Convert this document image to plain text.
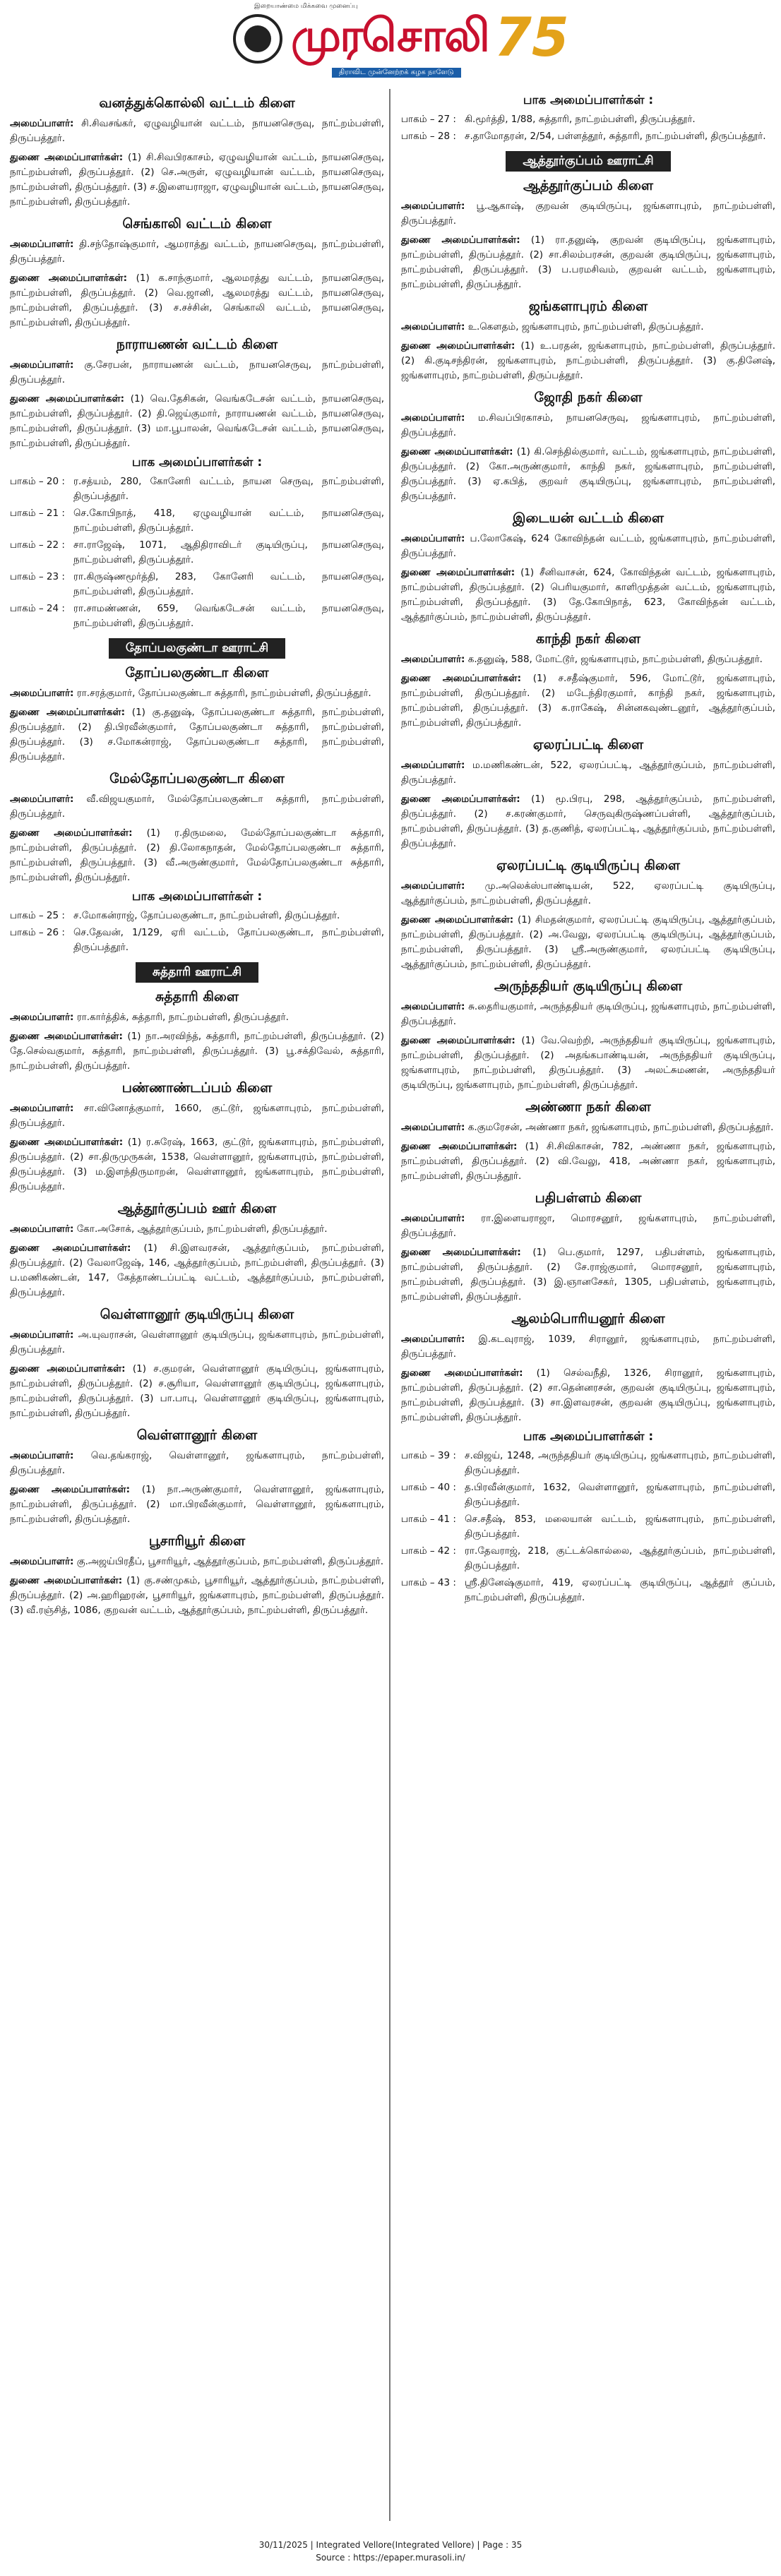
இறையாண்மை மிக்கவை முனைப்பு
முரசொலி
திராவிட முன்னேற்றக் கழக நாளேடு
75
வனத்துக்கொல்லி வட்டம் கிளை
அமைப்பாளர்: சி.சிவசங்கர், ஏழுவழியான் வட்டம், நாயனசெருவு, நாட்றம்பள்ளி, திருப்பத்தூர்.
துணை அமைப்பாளர்கள்: (1) சி.சிவபிரகாசம், ஏழுவழியான் வட்டம், நாயனசெருவு, நாட்றம்பள்ளி, திருப்பத்தூர். (2) செ.அருள், ஏழுவழியான் வட்டம், நாயனசெருவு, நாட்றம்பள்ளி, திருப்பத்தூர். (3) ச.இளையராஜா, ஏழுவழியான் வட்டம், நாயனசெருவு, நாட்றம்பள்ளி, திருப்பத்தூர்.
செங்காலி வட்டம் கிளை
அமைப்பாளர்: தி.சந்தோஷ்குமார், ஆமராத்து வட்டம், நாயனசெருவு, நாட்றம்பள்ளி, திருப்பத்தூர்.
துணை அமைப்பாளர்கள்: (1) க.சாந்குமார், ஆலமரத்து வட்டம், நாயனசெருவு, நாட்றம்பள்ளி, திருப்பத்தூர். (2) வெ.ஜானி, ஆலமரத்து வட்டம், நாயனசெருவு, நாட்றம்பள்ளி, திருப்பத்தூர். (3) ச.சச்சின், செங்காலி வட்டம், நாயனசெருவு, நாட்றம்பள்ளி, திருப்பத்தூர்.
நாராயணன் வட்டம் கிளை
அமைப்பாளர்: கு.சேரபன், நாராயணன் வட்டம், நாயனசெருவு, நாட்றம்பள்ளி, திருப்பத்தூர்.
துணை அமைப்பாளர்கள்: (1) வெ.தேசிகன், வெங்கடேசன் வட்டம், நாயனசெருவு, நாட்றம்பள்ளி, திருப்பத்தூர். (2) தி.ஜெய்குமார், நாராயணன் வட்டம், நாயனசெருவு, நாட்றம்பள்ளி, திருப்பத்தூர். (3) மா.பூபாலன், வெங்கடேசன் வட்டம், நாயனசெருவு, நாட்றம்பள்ளி, திருப்பத்தூர்.
பாக அமைப்பாளர்கள் :
பாகம் – 20 : ர.சத்யம், 280, கோனேரி வட்டம், நாயன செருவு, நாட்றம்பள்ளி, திருப்பத்தூர்.
பாகம் – 21 : செ.கோபிநாத், 418, ஏழுவழியான் வட்டம், நாயனசெருவு, நாட்றம்பள்ளி, திருப்பத்தூர்.
பாகம் – 22 : சா.ராஜேஷ், 1071, ஆதிதிராவிடர் குடியிருப்பு, நாயனசெருவு, நாட்றம்பள்ளி, திருப்பத்தூர்.
பாகம் – 23 : ரா.கிருஷ்ணமூர்த்தி, 283, கோனேரி வட்டம், நாயனசெருவு, நாட்றம்பள்ளி, திருப்பத்தூர்.
பாகம் – 24 : ரா.சாமண்ணன், 659, வெங்கடேசன் வட்டம், நாயனசெருவு, நாட்றம்பள்ளி, திருப்பத்தூர்.
தோப்பலகுண்டா ஊராட்சி
தோப்பலகுண்டா கிளை
அமைப்பாளர்: ரா.சரத்குமார், தோப்பலகுண்டா சுத்தாரி, நாட்றம்பள்ளி, திருப்பத்தூர்.
துணை அமைப்பாளர்கள்: (1) கு.தனுஷ், தோப்பலகுண்டா சுத்தாரி, நாட்றம்பள்ளி, திருப்பத்தூர். (2) தி.பிரவீன்குமார், தோப்பலகுண்டா சுத்தாரி, நாட்றம்பள்ளி, திருப்பத்தூர். (3) ச.மோகன்ராஜ், தோப்பலகுண்டா சுத்தாரி, நாட்றம்பள்ளி, திருப்பத்தூர்.
மேல்தோப்பலகுண்டா கிளை
அமைப்பாளர்: வீ.விஜயகுமார், மேல்தோப்பலகுண்டா சுத்தாரி, நாட்றம்பள்ளி, திருப்பத்தூர்.
துணை அமைப்பாளர்கள்: (1) ர.திருமலை, மேல்தோப்பலகுண்டா சுத்தாரி, நாட்றம்பள்ளி, திருப்பத்தூர். (2) தி.லோகநாதன், மேல்தோப்பலகுண்டா சுத்தாரி, நாட்றம்பள்ளி, திருப்பத்தூர். (3) வீ.அருண்குமார், மேல்தோப்பலகுண்டா சுத்தாரி, நாட்றம்பள்ளி, திருப்பத்தூர்.
பாக அமைப்பாளர்கள் :
பாகம் – 25 : ச.மோகன்ராஜ், தோப்பலகுண்டா, நாட்றம்பள்ளி, திருப்பத்தூர்.
பாகம் – 26 : செ.தேவன், 1/129, ஏரி வட்டம், தோப்பலகுண்டா, நாட்றம்பள்ளி, திருப்பத்தூர்.
சுத்தாரி ஊராட்சி
சுத்தாரி கிளை
அமைப்பாளர்: ரா.கார்த்திக், சுத்தாரி, நாட்றம்பள்ளி, திருப்பத்தூர்.
துணை அமைப்பாளர்கள்: (1) நா.அரவிந்த், சுத்தாரி, நாட்றம்பள்ளி, திருப்பத்தூர். (2) தே.செல்வகுமார், சுத்தாரி, நாட்றம்பள்ளி, திருப்பத்தூர். (3) பூ.சக்திவேல், சுத்தாரி, நாட்றம்பள்ளி, திருப்பத்தூர்.
பண்ணாண்டப்பம் கிளை
அமைப்பாளர்: சா.வினோத்குமார், 1660, குட்டூர், ஜங்களாபுரம், நாட்றம்பள்ளி, திருப்பத்தூர்.
துணை அமைப்பாளர்கள்: (1) ர.சுரேஷ், 1663, குட்டூர், ஜங்களாபுரம், நாட்றம்பள்ளி, திருப்பத்தூர். (2) சா.திருமுருகன், 1538, வெள்ளானூர், ஜங்களாபுரம், நாட்றம்பள்ளி, திருப்பத்தூர். (3) ம.இளந்திருமாறன், வெள்ளானூர், ஜங்களாபுரம், நாட்றம்பள்ளி, திருப்பத்தூர்.
ஆத்தூர்குப்பம் ஊர் கிளை
அமைப்பாளர்: கோ.அசோக், ஆத்தூர்குப்பம், நாட்றம்பள்ளி, திருப்பத்தூர்.
துணை அமைப்பாளர்கள்: (1) சி.இளவரசன், ஆத்தூர்குப்பம், நாட்றம்பள்ளி, திருப்பத்தூர். (2) வேலாஜேஷ், 146, ஆத்தூர்குப்பம், நாட்றம்பள்ளி, திருப்பத்தூர். (3) ப.மணிகண்டன், 147, கேத்தாண்டப்பட்டி வட்டம், ஆத்தூர்குப்பம், நாட்றம்பள்ளி, திருப்பத்தூர்.
வெள்ளானூர் குடியிருப்பு கிளை
அமைப்பாளர்: அ.யுவராசன், வெள்ளானூர் குடியிருப்பு, ஜங்களாபுரம், நாட்றம்பள்ளி, திருப்பத்தூர்.
துணை அமைப்பாளர்கள்: (1) ச.குமரன், வெள்ளானூர் குடியிருப்பு, ஜங்களாபுரம், நாட்றம்பள்ளி, திருப்பத்தூர். (2) ச.சூரியா, வெள்ளானூர் குடியிருப்பு, ஜங்களாபுரம், நாட்றம்பள்ளி, திருப்பத்தூர். (3) பா.பாபு, வெள்ளானூர் குடியிருப்பு, ஜங்களாபுரம், நாட்றம்பள்ளி, திருப்பத்தூர்.
வெள்ளானூர் கிளை
அமைப்பாளர்: வெ.தங்கராஜ், வெள்ளானூர், ஜங்களாபுரம், நாட்றம்பள்ளி, திருப்பத்தூர்.
துணை அமைப்பாளர்கள்: (1) நா.அருண்குமார், வெள்ளானூர், ஜங்களாபுரம், நாட்றம்பள்ளி, திருப்பத்தூர். (2) மா.பிரவீன்குமார், வெள்ளானூர், ஜங்களாபுரம், நாட்றம்பள்ளி, திருப்பத்தூர்.
பூசாரியூர் கிளை
அமைப்பாளர்: கு.அஜய்பிரதீப், பூசாரியூர், ஆத்தூர்குப்பம், நாட்றம்பள்ளி, திருப்பத்தூர்.
துணை அமைப்பாளர்கள்: (1) கு.சண்முகம், பூசாரியூர், ஆத்தூர்குப்பம், நாட்றம்பள்ளி, திருப்பத்தூர். (2) அ.ஹரிஹரன், பூசாரியூர், ஜங்களாபுரம், நாட்றம்பள்ளி, திருப்பத்தூர். (3) வீ.ரஞ்சித், 1086, குறவன் வட்டம், ஆத்தூர்குப்பம், நாட்றம்பள்ளி, திருப்பத்தூர்.
பாக அமைப்பாளர்கள் :
பாகம் – 27 : கி.மூர்த்தி, 1/88, சுத்தாரி, நாட்றம்பள்ளி, திருப்பத்தூர்.
பாகம் – 28 : ச.தாமோதரன், 2/54, பள்ளத்தூர், சுத்தாரி, நாட்றம்பள்ளி, திருப்பத்தூர்.
ஆத்தூர்குப்பம் ஊராட்சி
ஆத்தூர்குப்பம் கிளை
அமைப்பாளர்: பூ.ஆகாஷ், குறவன் குடியிருப்பு, ஜங்களாபுரம், நாட்றம்பள்ளி, திருப்பத்தூர்.
துணை அமைப்பாளர்கள்: (1) ரா.தனுஷ், குறவன் குடியிருப்பு, ஜங்களாபுரம், நாட்றம்பள்ளி, திருப்பத்தூர். (2) சா.சிலம்பரசன், குறவன் குடியிருப்பு, ஜங்களாபுரம், நாட்றம்பள்ளி, திருப்பத்தூர். (3) ப.பரமசிவம், குறவன் வட்டம், ஜங்களாபுரம், நாட்றம்பள்ளி, திருப்பத்தூர்.
ஜங்களாபுரம் கிளை
அமைப்பாளர்: உ.கௌதம், ஜங்களாபுரம், நாட்றம்பள்ளி, திருப்பத்தூர்.
துணை அமைப்பாளர்கள்: (1) உ.பரதன், ஜங்களாபுரம், நாட்றம்பள்ளி, திருப்பத்தூர். (2) கி.குடிசந்திரன், ஜங்களாபுரம், நாட்றம்பள்ளி, திருப்பத்தூர். (3) கு.தினேஷ், ஜங்களாபுரம், நாட்றம்பள்ளி, திருப்பத்தூர்.
ஜோதி நகர் கிளை
அமைப்பாளர்: ம.சிவப்பிரகாசம், நாயனசெருவு, ஜங்களாபுரம், நாட்றம்பள்ளி, திருப்பத்தூர்.
துணை அமைப்பாளர்கள்: (1) கி.செந்தில்குமார், வட்டம், ஜங்களாபுரம், நாட்றம்பள்ளி, திருப்பத்தூர். (2) கோ.அருண்குமார், காந்தி நகர், ஜங்களாபுரம், நாட்றம்பள்ளி, திருப்பத்தூர். (3) ஏ.கபித், குறவர் குடியிருப்பு, ஜங்களாபுரம், நாட்றம்பள்ளி, திருப்பத்தூர்.
இடையன் வட்டம் கிளை
அமைப்பாளர்: ப.லோகேஷ், 624 கோவிந்தன் வட்டம், ஜங்களாபுரம், நாட்றம்பள்ளி, திருப்பத்தூர்.
துணை அமைப்பாளர்கள்: (1) சீனிவாசன், 624, கோவிந்தன் வட்டம், ஜங்களாபுரம், நாட்றம்பள்ளி, திருப்பத்தூர். (2) பெரியகுமார், காளிமுத்தன் வட்டம், ஜங்களாபுரம், நாட்றம்பள்ளி, திருப்பத்தூர். (3) தே.கோபிநாத், 623, கோவிந்தன் வட்டம், ஆத்தூர்குப்பம், நாட்றம்பள்ளி, திருப்பத்தூர்.
காந்தி நகர் கிளை
அமைப்பாளர்: க.தனுஷ், 588, மோட்டூர், ஜங்களாபுரம், நாட்றம்பள்ளி, திருப்பத்தூர்.
துணை அமைப்பாளர்கள்: (1) ச.சதீஷ்குமார், 596, மோட்டூர், ஜங்களாபுரம், நாட்றம்பள்ளி, திருப்பத்தூர். (2) மடேந்திரகுமார், காந்தி நகர், ஜங்களாபுரம், நாட்றம்பள்ளி, திருப்பத்தூர். (3) க.ராகேஷ், சின்னகவுண்டனூர், ஆத்தூர்குப்பம், நாட்றம்பள்ளி, திருப்பத்தூர்.
ஏலரப்பட்டி கிளை
அமைப்பாளர்: ம.மணிகண்டன், 522, ஏலரப்பட்டி, ஆத்தூர்குப்பம், நாட்றம்பள்ளி, திருப்பத்தூர்.
துணை அமைப்பாளர்கள்: (1) மூ.பிரபு, 298, ஆத்தூர்குப்பம், நாட்றம்பள்ளி, திருப்பத்தூர். (2) ச.கரண்குமார், செருவுகிருஷ்ணப்பள்ளி, ஆத்தூர்குப்பம், நாட்றம்பள்ளி, திருப்பத்தூர். (3) த.குணித், ஏலரப்பட்டி, ஆத்தூர்குப்பம், நாட்றம்பள்ளி, திருப்பத்தூர்.
ஏலரப்பட்டி குடியிருப்பு கிளை
அமைப்பாளர்: மு.அலெக்ஸ்பாண்டியன், 522, ஏலரப்பட்டி குடியிருப்பு, ஆத்தூர்குப்பம், நாட்றம்பள்ளி, திருப்பத்தூர்.
துணை அமைப்பாளர்கள்: (1) சிமதன்குமார், ஏலரப்பட்டி குடியிருப்பு, ஆத்தூர்குப்பம், நாட்றம்பள்ளி, திருப்பத்தூர். (2) அ.வேலு, ஏலரப்பட்டி குடியிருப்பு, ஆத்தூர்குப்பம், நாட்றம்பள்ளி, திருப்பத்தூர். (3) ஸ்ரீ.அருண்குமார், ஏலரப்பட்டி குடியிருப்பு, ஆத்தூர்குப்பம், நாட்றம்பள்ளி, திருப்பத்தூர்.
அருந்ததியர் குடியிருப்பு கிளை
அமைப்பாளர்: சு.தைரியகுமார், அருந்ததியர் குடியிருப்பு, ஜங்களாபுரம், நாட்றம்பள்ளி, திருப்பத்தூர்.
துணை அமைப்பாளர்கள்: (1) வே.வெற்றி, அருந்ததியர் குடியிருப்பு, ஜங்களாபுரம், நாட்றம்பள்ளி, திருப்பத்தூர். (2) அதங்கபாண்டியன், அருந்ததியர் குடியிருப்பு, ஜங்களாபுரம், நாட்றம்பள்ளி, திருப்பத்தூர். (3) அலட்சுமணன், அருந்ததியர் குடியிருப்பு, ஜங்களாபுரம், நாட்றம்பள்ளி, திருப்பத்தூர்.
அண்ணா நகர் கிளை
அமைப்பாளர்: க.குமரேசன், அண்ணா நகர், ஜங்களாபுரம், நாட்றம்பள்ளி, திருப்பத்தூர்.
துணை அமைப்பாளர்கள்: (1) சி.சிவிகாசன், 782, அண்ணா நகர், ஜங்களாபுரம், நாட்றம்பள்ளி, திருப்பத்தூர். (2) வி.வேலு, 418, அண்ணா நகர், ஜங்களாபுரம், நாட்றம்பள்ளி, திருப்பத்தூர்.
பதிபள்ளம் கிளை
அமைப்பாளர்: ரா.இளையராஜா, மொரசனூர், ஜங்களாபுரம், நாட்றம்பள்ளி, திருப்பத்தூர்.
துணை அமைப்பாளர்கள்: (1) பெ.குமார், 1297, பதிபள்ளம், ஜங்களாபுரம், நாட்றம்பள்ளி, திருப்பத்தூர். (2) சே.ராஜ்குமார், மொரசனூர், ஜங்களாபுரம், நாட்றம்பள்ளி, திருப்பத்தூர். (3) இ.ஞானசேகர், 1305, பதிபள்ளம், ஜங்களாபுரம், நாட்றம்பள்ளி, திருப்பத்தூர்.
ஆலம்பொரியனூர் கிளை
அமைப்பாளர்: இ.கடவுராஜ், 1039, சிரானூர், ஜங்களாபுரம், நாட்றம்பள்ளி, திருப்பத்தூர்.
துணை அமைப்பாளர்கள்: (1) செல்வநீதி, 1326, சிரானூர், ஜங்களாபுரம், நாட்றம்பள்ளி, திருப்பத்தூர். (2) சா.தென்னரசன், குறவன் குடியிருப்பு, ஜங்களாபுரம், நாட்றம்பள்ளி, திருப்பத்தூர். (3) சா.இளவரசன், குறவன் குடியிருப்பு, ஜங்களாபுரம், நாட்றம்பள்ளி, திருப்பத்தூர்.
பாக அமைப்பாளர்கள் :
பாகம் – 39 : ச.விஜய், 1248, அருந்ததியர் குடியிருப்பு, ஜங்களாபுரம், நாட்றம்பள்ளி, திருப்பத்தூர்.
பாகம் – 40 : த.பிரவீன்குமார், 1632, வெள்ளானூர், ஜங்களாபுரம், நாட்றம்பள்ளி, திருப்பத்தூர்.
பாகம் – 41 : செ.சதீஷ், 853, மலையான் வட்டம், ஜங்களாபுரம், நாட்றம்பள்ளி, திருப்பத்தூர்.
பாகம் – 42 : ரா.தேவராஜ், 218, குட்டக்கொல்லை, ஆத்தூர்குப்பம், நாட்றம்பள்ளி, திருப்பத்தூர்.
பாகம் – 43 : ஸ்ரீ.தினேஷ்குமார், 419, ஏலரப்பட்டி குடியிருப்பு, ஆத்தூர் குப்பம், நாட்றம்பள்ளி, திருப்பத்தூர்.
30/11/2025 | Integrated Vellore(Integrated Vellore) | Page : 35
Source : https://epaper.murasoli.in/
